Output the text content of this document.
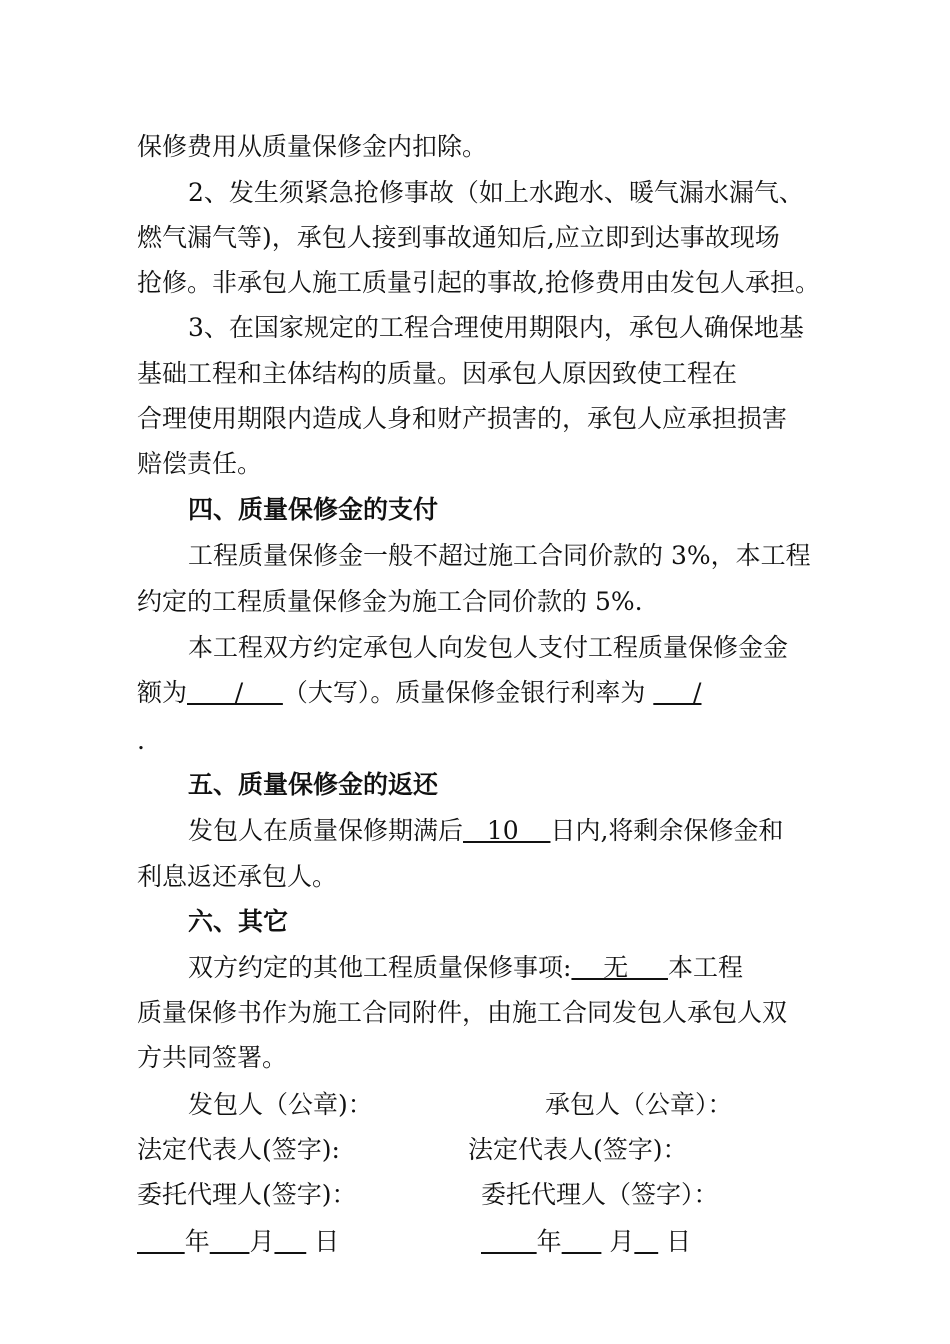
保修费用从质量保修金内扣除。
2、发生须紧急抢修事故（如上水跑水、暖气漏水漏气、
燃气漏气等)，承包人接到事故通知后,应立即到达事故现场
抢修。非承包人施工质量引起的事故,抢修费用由发包人承担。
3、在国家规定的工程合理使用期限内，承包人确保地基
基础工程和主体结构的质量。因承包人原因致使工程在
合理使用期限内造成人身和财产损害的，承包人应承担损害
赔偿责任。
四、质量保修金的支付
工程质量保修金一般不超过施工合同价款的 3%，本工程
约定的工程质量保修金为施工合同价款的 5%.
本工程双方约定承包人向发包人支付工程质量保修金金
额为      /     （大写）。质量保修金银行利率为      /
.
五、质量保修金的返还
发包人在质量保修期满后   10    日内,将剩余保修金和
利息返还承包人。
六、其它
双方约定的其他工程质量保修事项:    无     本工程
质量保修书作为施工合同附件，由施工合同发包人承包人双
方共同签署。
发包人（公章)：	承包人（公章）：
法定代表人(签字):	法定代表人(签字)：
委托代理人(签字)：	委托代理人（签字）：
年 月     日	年      月    日
